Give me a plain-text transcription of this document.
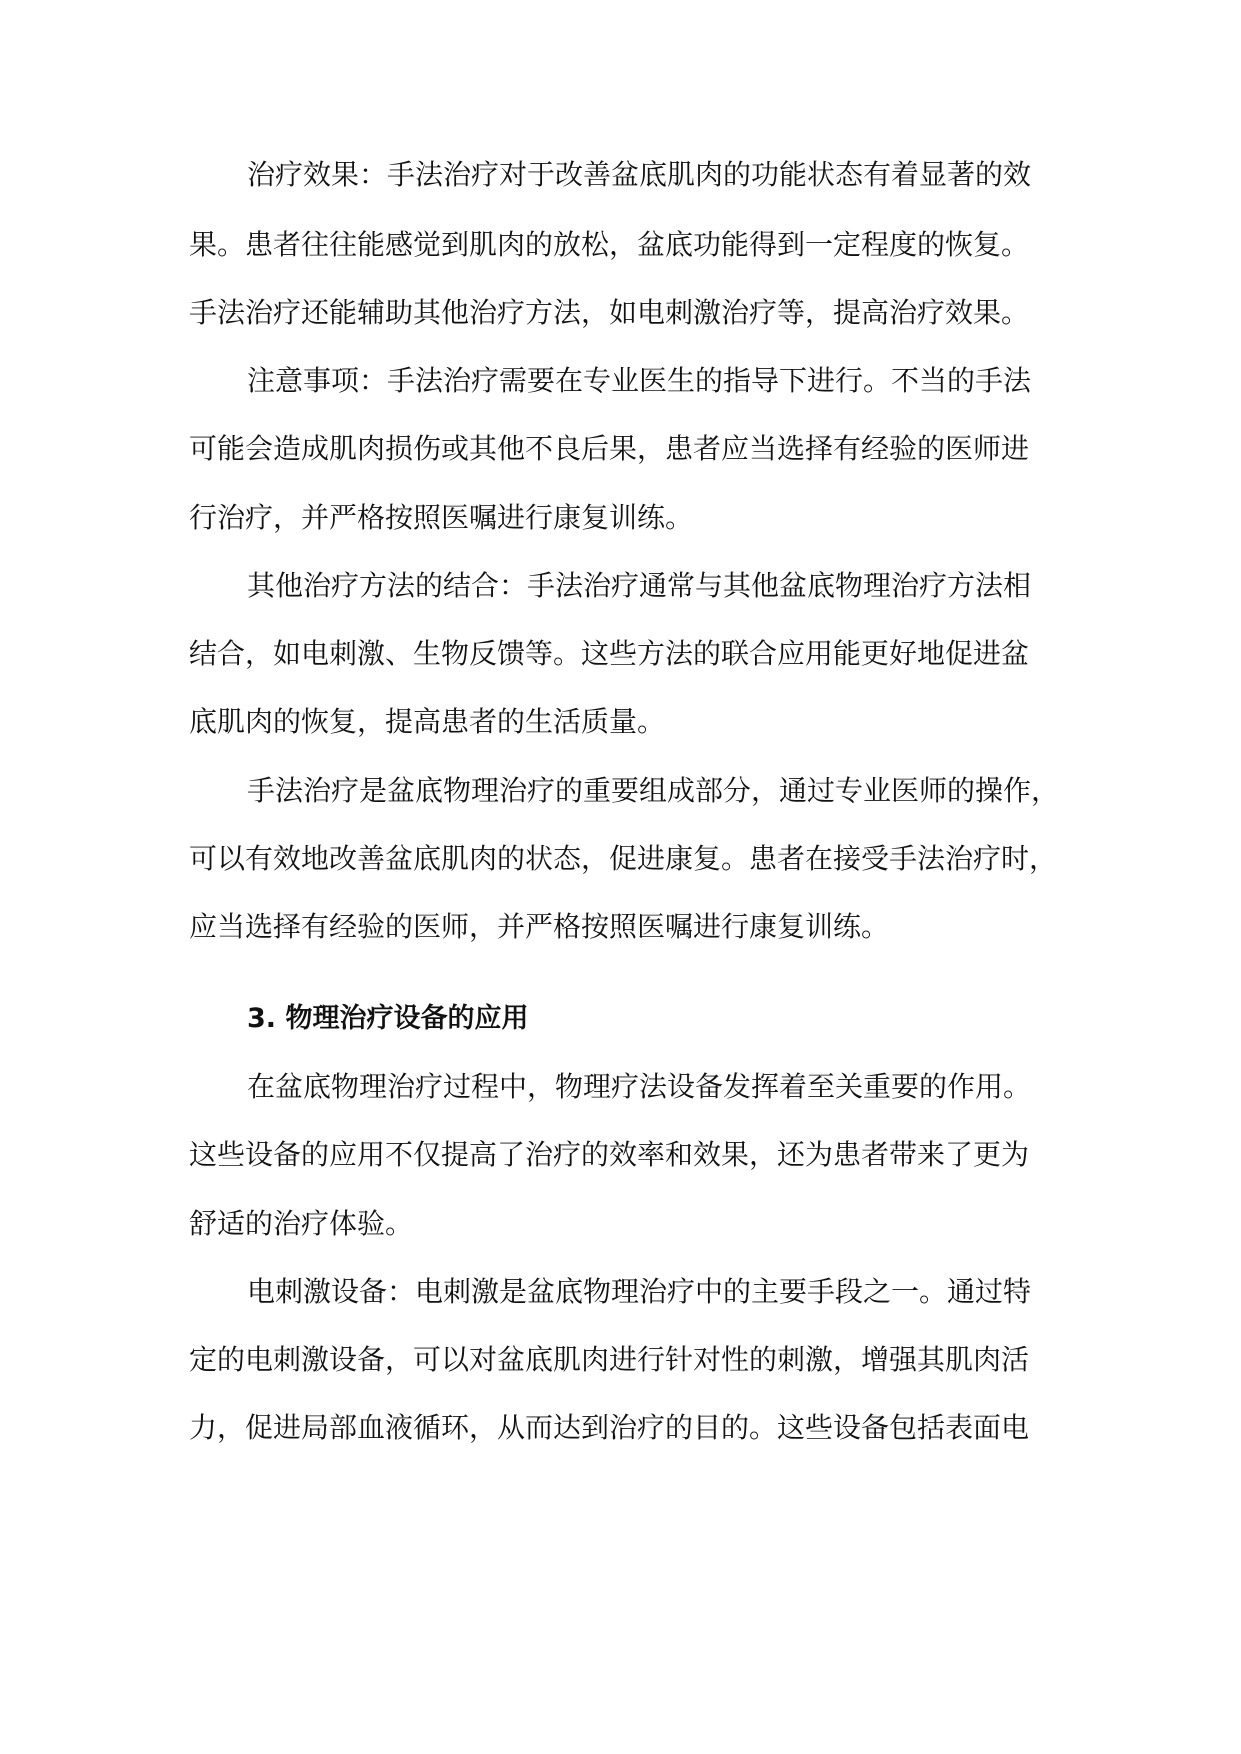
治疗效果：手法治疗对于改善盆底肌肉的功能状态有着显著的效
果。患者往往能感觉到肌肉的放松，盆底功能得到一定程度的恢复。
手法治疗还能辅助其他治疗方法，如电刺激治疗等，提高治疗效果。
注意事项：手法治疗需要在专业医生的指导下进行。不当的手法
可能会造成肌肉损伤或其他不良后果，患者应当选择有经验的医师进
行治疗，并严格按照医嘱进行康复训练。
其他治疗方法的结合：手法治疗通常与其他盆底物理治疗方法相
结合，如电刺激、生物反馈等。这些方法的联合应用能更好地促进盆
底肌肉的恢复，提高患者的生活质量。
手法治疗是盆底物理治疗的重要组成部分，通过专业医师的操作，
可以有效地改善盆底肌肉的状态，促进康复。患者在接受手法治疗时，
应当选择有经验的医师，并严格按照医嘱进行康复训练。
3. 物理治疗设备的应用
在盆底物理治疗过程中，物理疗法设备发挥着至关重要的作用。
这些设备的应用不仅提高了治疗的效率和效果，还为患者带来了更为
舒适的治疗体验。
电刺激设备：电刺激是盆底物理治疗中的主要手段之一。通过特
定的电刺激设备，可以对盆底肌肉进行针对性的刺激，增强其肌肉活
力，促进局部血液循环，从而达到治疗的目的。这些设备包括表面电
